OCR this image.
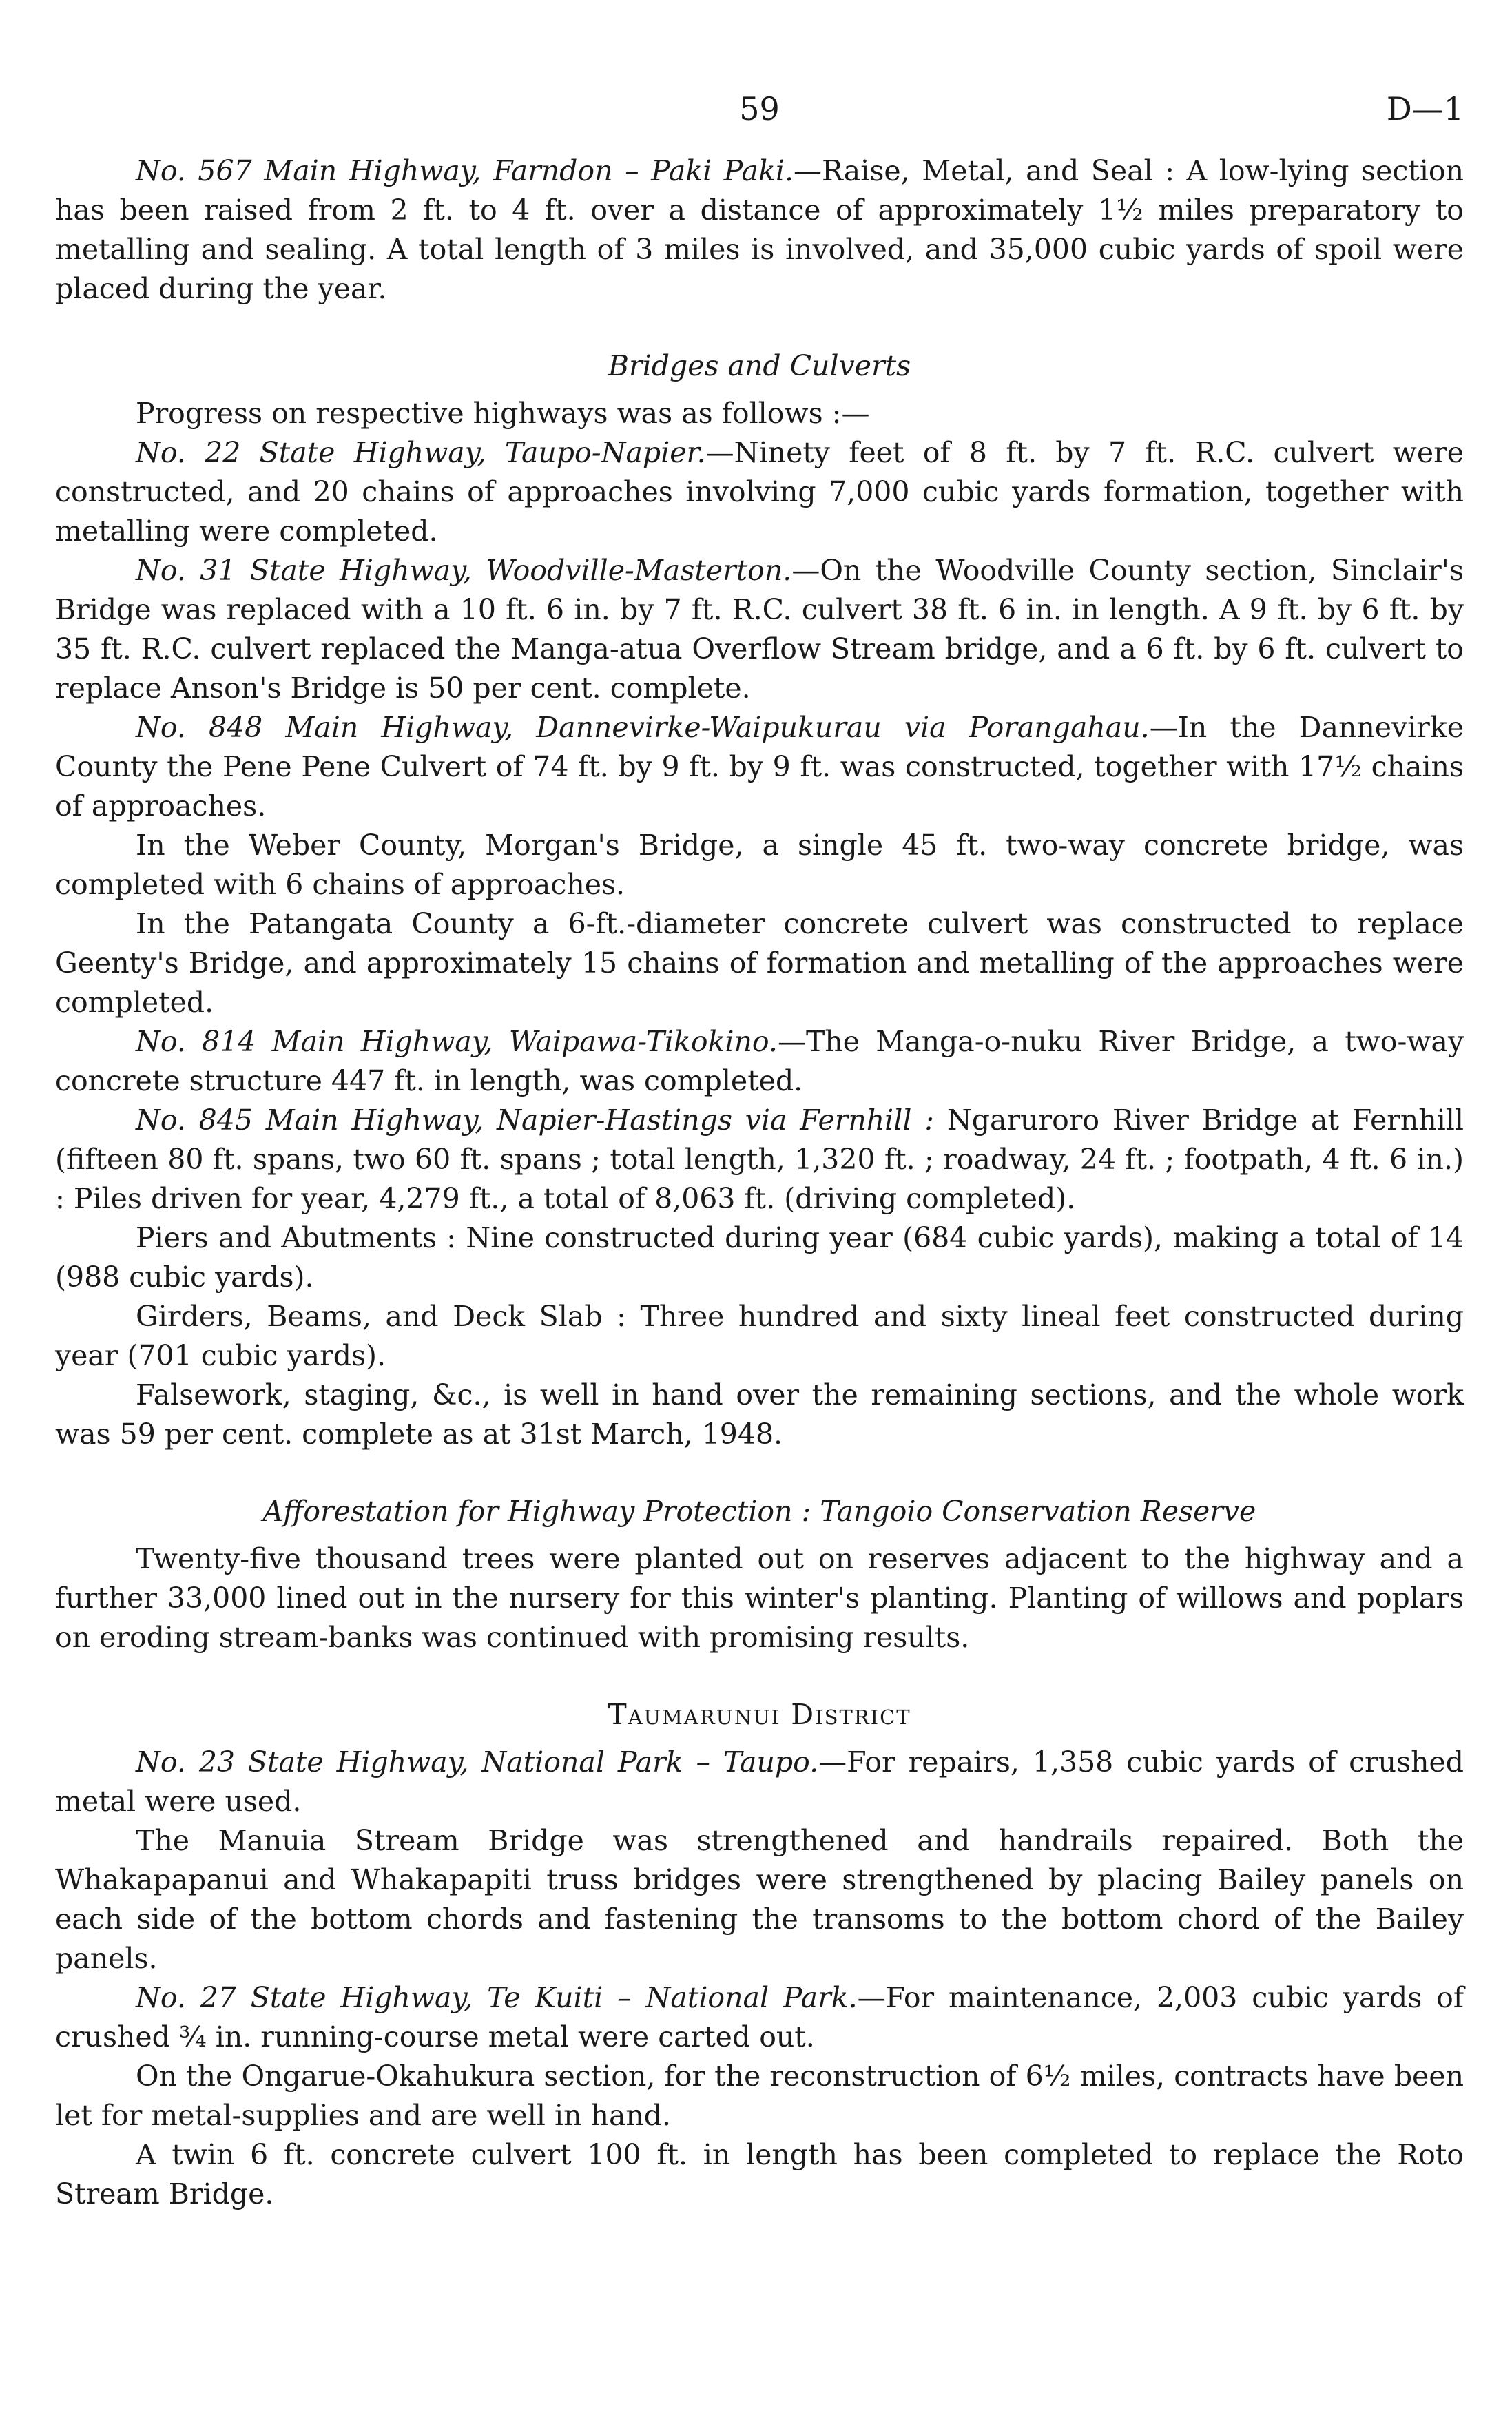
59	D—1

No. 567 Main Highway, Farndon – Paki Paki.—Raise, Metal, and Seal : A low-lying section has been raised from 2 ft. to 4 ft. over a distance of approximately 1½ miles preparatory to metalling and sealing. A total length of 3 miles is involved, and 35,000 cubic yards of spoil were placed during the year.

Bridges and Culverts

Progress on respective highways was as follows :—

No. 22 State Highway, Taupo-Napier.—Ninety feet of 8 ft. by 7 ft. R.C. culvert were constructed, and 20 chains of approaches involving 7,000 cubic yards formation, together with metalling were completed.

No. 31 State Highway, Woodville-Masterton.—On the Woodville County section, Sinclair's Bridge was replaced with a 10 ft. 6 in. by 7 ft. R.C. culvert 38 ft. 6 in. in length. A 9 ft. by 6 ft. by 35 ft. R.C. culvert replaced the Manga-atua Overflow Stream bridge, and a 6 ft. by 6 ft. culvert to replace Anson's Bridge is 50 per cent. complete.

No. 848 Main Highway, Dannevirke-Waipukurau via Porangahau.—In the Dannevirke County the Pene Pene Culvert of 74 ft. by 9 ft. by 9 ft. was constructed, together with 17½ chains of approaches.

In the Weber County, Morgan's Bridge, a single 45 ft. two-way concrete bridge, was completed with 6 chains of approaches.

In the Patangata County a 6-ft.-diameter concrete culvert was constructed to replace Geenty's Bridge, and approximately 15 chains of formation and metalling of the approaches were completed.

No. 814 Main Highway, Waipawa-Tikokino.—The Manga-o-nuku River Bridge, a two-way concrete structure 447 ft. in length, was completed.

No. 845 Main Highway, Napier-Hastings via Fernhill : Ngaruroro River Bridge at Fernhill (fifteen 80 ft. spans, two 60 ft. spans ; total length, 1,320 ft. ; roadway, 24 ft. ; footpath, 4 ft. 6 in.) : Piles driven for year, 4,279 ft., a total of 8,063 ft. (driving completed).

Piers and Abutments : Nine constructed during year (684 cubic yards), making a total of 14 (988 cubic yards).

Girders, Beams, and Deck Slab : Three hundred and sixty lineal feet constructed during year (701 cubic yards).

Falsework, staging, &c., is well in hand over the remaining sections, and the whole work was 59 per cent. complete as at 31st March, 1948.

Afforestation for Highway Protection : Tangoio Conservation Reserve

Twenty-five thousand trees were planted out on reserves adjacent to the highway and a further 33,000 lined out in the nursery for this winter's planting. Planting of willows and poplars on eroding stream-banks was continued with promising results.

Taumarunui District

No. 23 State Highway, National Park – Taupo.—For repairs, 1,358 cubic yards of crushed metal were used.

The Manuia Stream Bridge was strengthened and handrails repaired. Both the Whakapapanui and Whakapapiti truss bridges were strengthened by placing Bailey panels on each side of the bottom chords and fastening the transoms to the bottom chord of the Bailey panels.

No. 27 State Highway, Te Kuiti – National Park.—For maintenance, 2,003 cubic yards of crushed ¾ in. running-course metal were carted out.

On the Ongarue-Okahukura section, for the reconstruction of 6½ miles, contracts have been let for metal-supplies and are well in hand.

A twin 6 ft. concrete culvert 100 ft. in length has been completed to replace the Roto Stream Bridge.
